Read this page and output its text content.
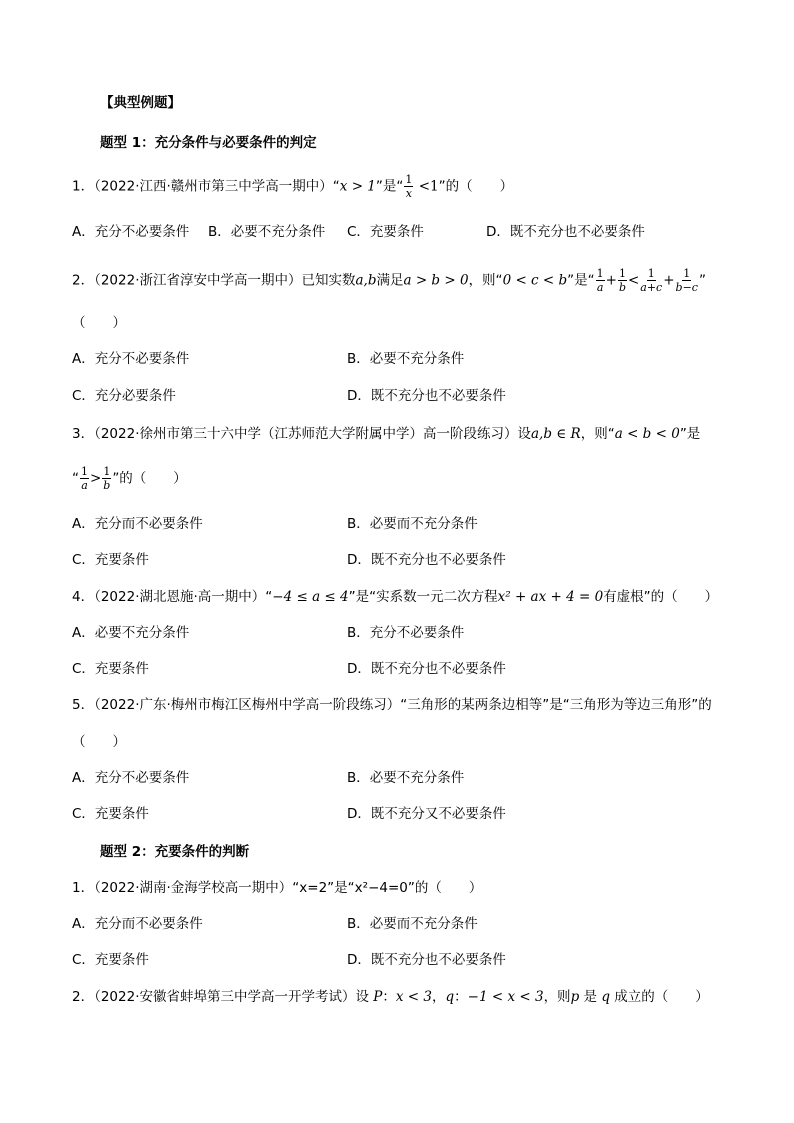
【典型例题】
题型 1：充分条件与必要条件的判定
1．（2022·江西·赣州市第三中学高一期中）“x > 1”是“ $\frac{1}{x} <1$”的（　　）
A．充分不必要条件 B．必要不充分条件 C．充要条件	D．既不充分也不必要条件
2．（2022·浙江省淳安中学高一期中）已知实数a,b满足a > b > 0，则“0 < c < b”是“ $\frac{1}{a} + \frac{1}{b} < \frac{1}{a+c} + \frac{1}{b-c}$ ”
（　　）
A．充分不必要条件	B．必要不充分条件
C．充分必要条件	D．既不充分也不必要条件
3．（2022·徐州市第三十六中学（江苏师范大学附属中学）高一阶段练习）设a,b ∈ R，则“a < b < 0”是
“ $\frac{1}{a} > \frac{1}{b}$ ”的（　　）
A．充分而不必要条件	B．必要而不充分条件
C．充要条件	D．既不充分也不必要条件
4．（2022·湖北恩施·高一期中）“−4 ≤ a ≤ 4”是“实系数一元二次方程x² + ax + 4 = 0有虚根”的（　　）
A．必要不充分条件	B．充分不必要条件
C．充要条件	D．既不充分也不必要条件
5．（2022·广东·梅州市梅江区梅州中学高一阶段练习）“三角形的某两条边相等”是“三角形为等边三角形”的
（　　）
A．充分不必要条件	B．必要不充分条件
C．充要条件	D．既不充分又不必要条件
题型 2：充要条件的判断
1．（2022·湖南·金海学校高一期中）“x=2”是“x²−4=0”的（　　）
A．充分而不必要条件	B．必要而不充分条件
C．充要条件	D．既不充分也不必要条件
2．（2022·安徽省蚌埠第三中学高一开学考试）设 P：x < 3，q：−1 < x < 3，则p 是 q 成立的（　　）
